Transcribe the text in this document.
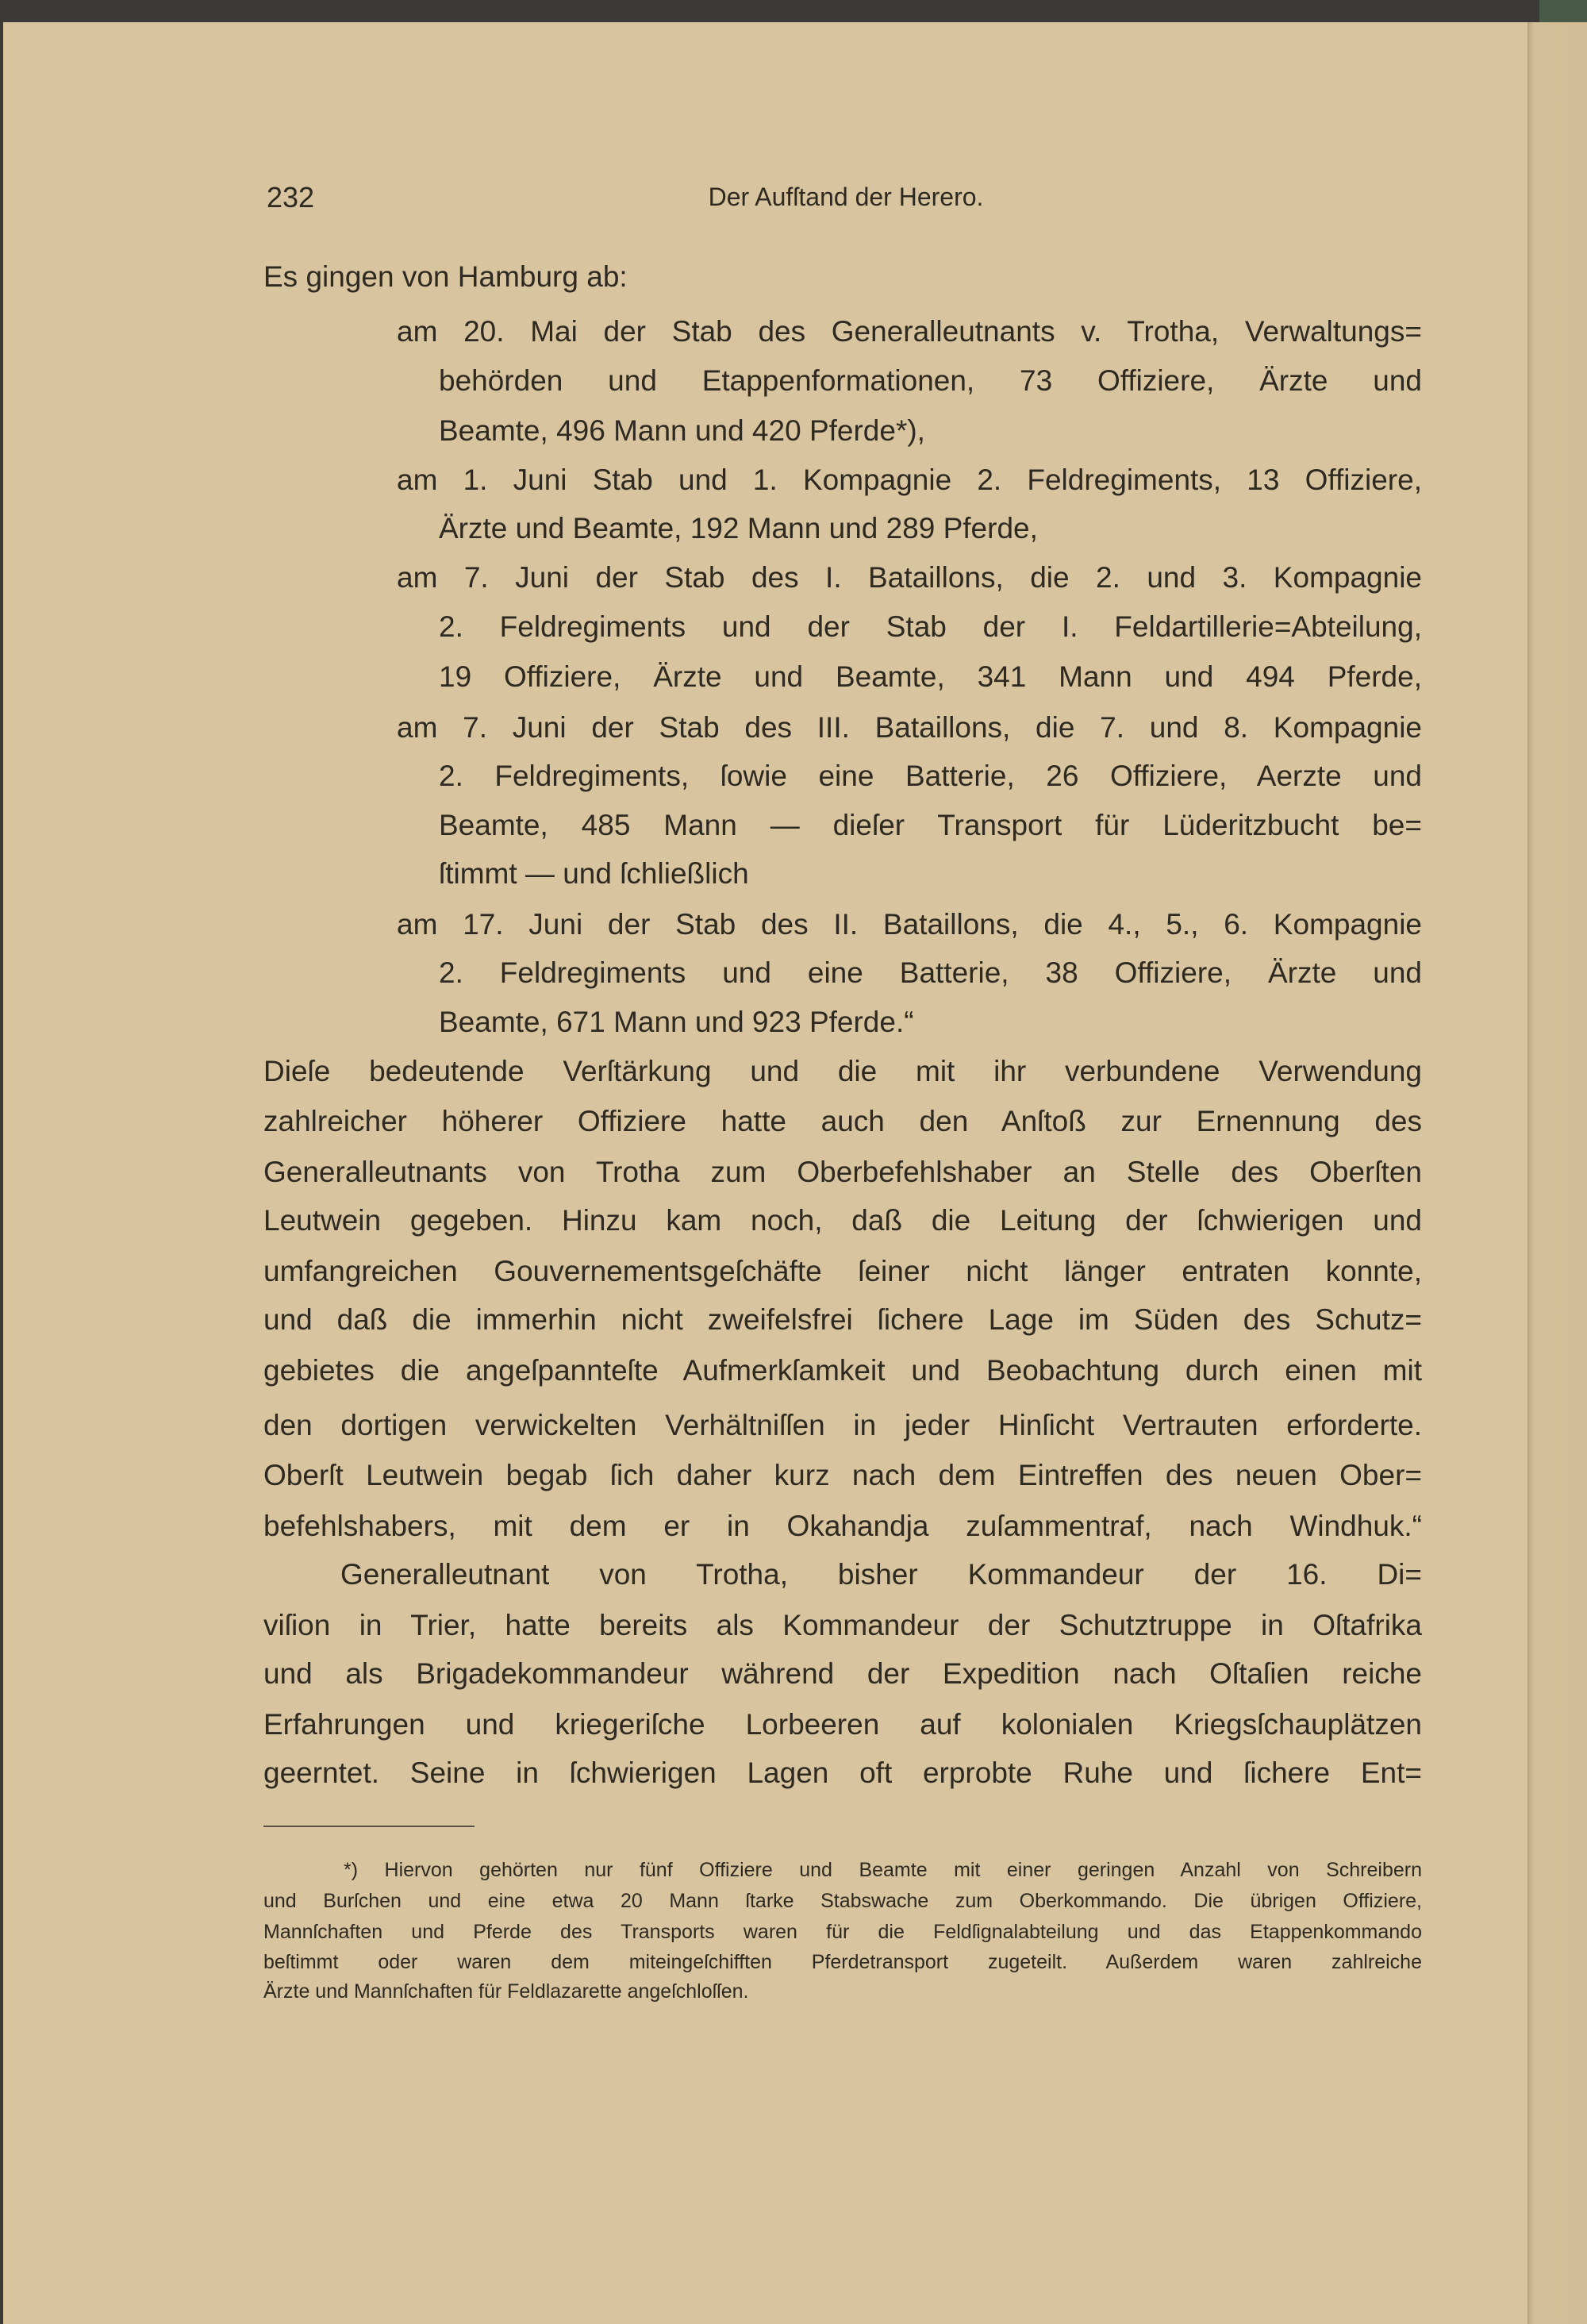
232	Der Aufſtand der Herero.
Es gingen von Hamburg ab:
am 20. Mai der Stab des Generalleutnants v. Trotha, Verwaltungs=
behörden und Etappenformationen, 73 Offiziere, Ärzte und
Beamte, 496 Mann und 420 Pferde*),
am 1. Juni Stab und 1. Kompagnie 2. Feldregiments, 13 Offiziere,
Ärzte und Beamte, 192 Mann und 289 Pferde,
am 7. Juni der Stab des I. Bataillons, die 2. und 3. Kompagnie
2. Feldregiments und der Stab der I. Feldartillerie=Abteilung,
19 Offiziere, Ärzte und Beamte, 341 Mann und 494 Pferde,
am 7. Juni der Stab des III. Bataillons, die 7. und 8. Kompagnie
2. Feldregiments, ſowie eine Batterie, 26 Offiziere, Aerzte und
Beamte, 485 Mann — dieſer Transport für Lüderitzbucht be=
ſtimmt — und ſchließlich
am 17. Juni der Stab des II. Bataillons, die 4., 5., 6. Kompagnie
2. Feldregiments und eine Batterie, 38 Offiziere, Ärzte und
Beamte, 671 Mann und 923 Pferde.“
Dieſe bedeutende Verſtärkung und die mit ihr verbundene Verwendung
zahlreicher höherer Offiziere hatte auch den Anſtoß zur Ernennung des
Generalleutnants von Trotha zum Oberbefehlshaber an Stelle des Oberſten
Leutwein gegeben. Hinzu kam noch, daß die Leitung der ſchwierigen und
umfangreichen Gouvernementsgeſchäfte ſeiner nicht länger entraten konnte,
und daß die immerhin nicht zweifelsfrei ſichere Lage im Süden des Schutz=
gebietes die angeſpannteſte Aufmerkſamkeit und Beobachtung durch einen mit
den dortigen verwickelten Verhältniſſen in jeder Hinſicht Vertrauten erforderte.
Oberſt Leutwein begab ſich daher kurz nach dem Eintreffen des neuen Ober=
befehlshabers, mit dem er in Okahandja zuſammentraf, nach Windhuk.“
Generalleutnant von Trotha, bisher Kommandeur der 16. Di=
viſion in Trier, hatte bereits als Kommandeur der Schutztruppe in Oſtafrika
und als Brigadekommandeur während der Expedition nach Oſtaſien reiche
Erfahrungen und kriegeriſche Lorbeeren auf kolonialen Kriegsſchauplätzen
geerntet. Seine in ſchwierigen Lagen oft erprobte Ruhe und ſichere Ent=
*) Hiervon gehörten nur fünf Offiziere und Beamte mit einer geringen Anzahl von Schreibern
und Burſchen und eine etwa 20 Mann ſtarke Stabswache zum Oberkommando. Die übrigen Offiziere,
Mannſchaften und Pferde des Transports waren für die Feldſignalabteilung und das Etappenkommando
beſtimmt oder waren dem miteingeſchifften Pferdetransport zugeteilt. Außerdem waren zahlreiche
Ärzte und Mannſchaften für Feldlazarette angeſchloſſen.
